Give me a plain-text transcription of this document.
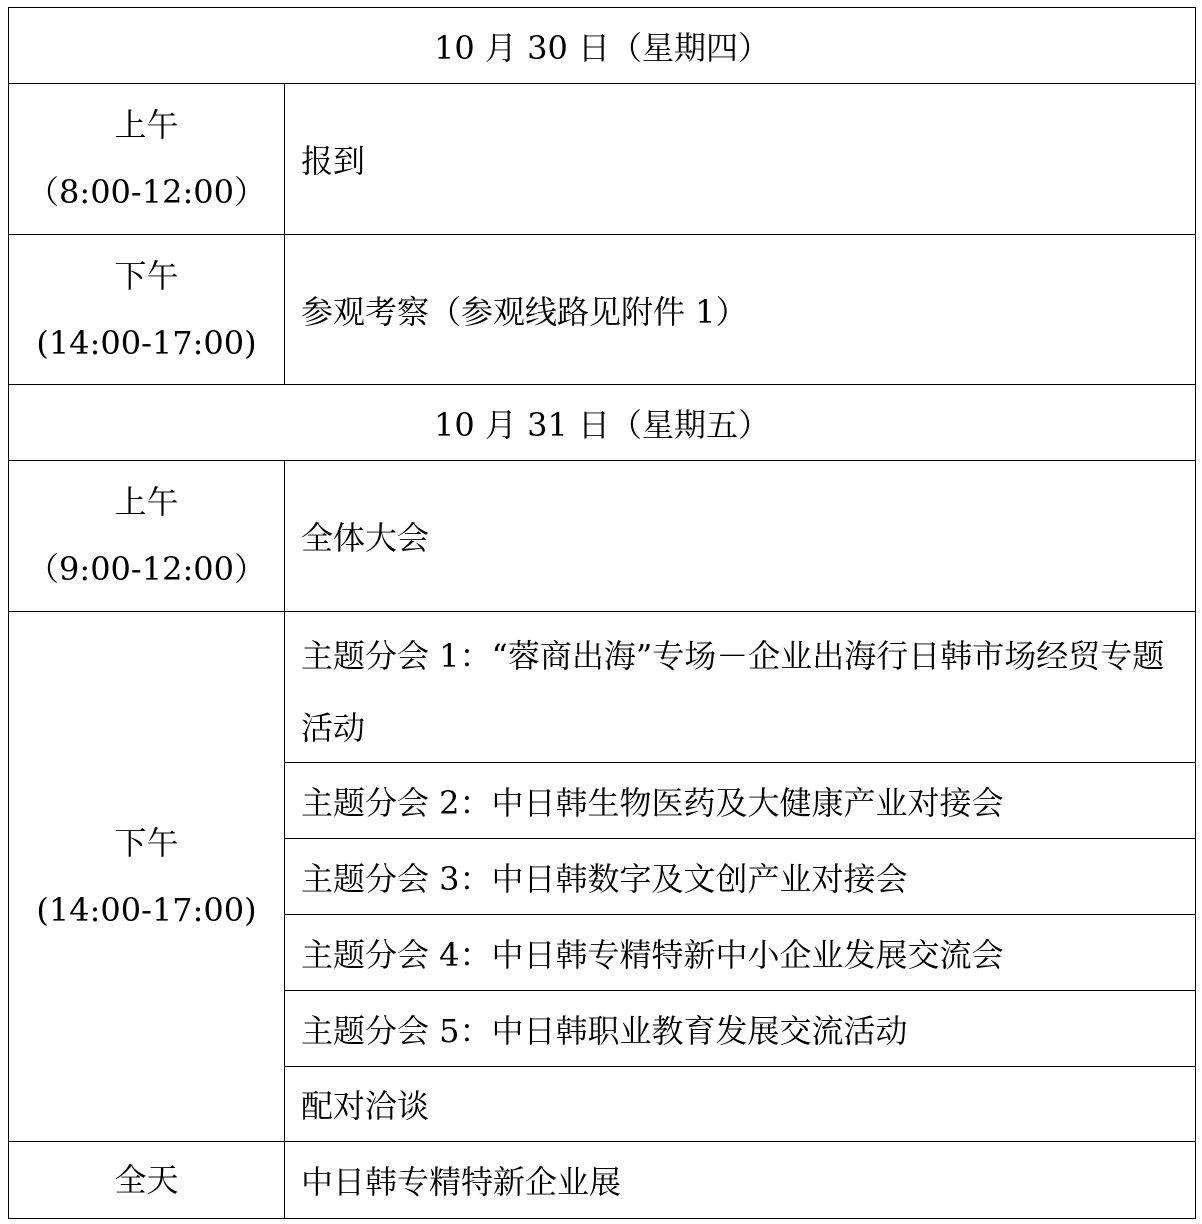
10 月 30 日（星期四）
上午
（8:00-12:00）
报到
下午
(14:00-17:00)
参观考察（参观线路见附件 1）
10 月 31 日（星期五）
上午
（9:00-12:00）
全体大会
下午
(14:00-17:00)
主题分会 1：“蓉商出海”专场－企业出海行日韩市场经贸专题活动
主题分会 2：中日韩生物医药及大健康产业对接会
主题分会 3：中日韩数字及文创产业对接会
主题分会 4：中日韩专精特新中小企业发展交流会
主题分会 5：中日韩职业教育发展交流活动
配对洽谈
全天	中日韩专精特新企业展
